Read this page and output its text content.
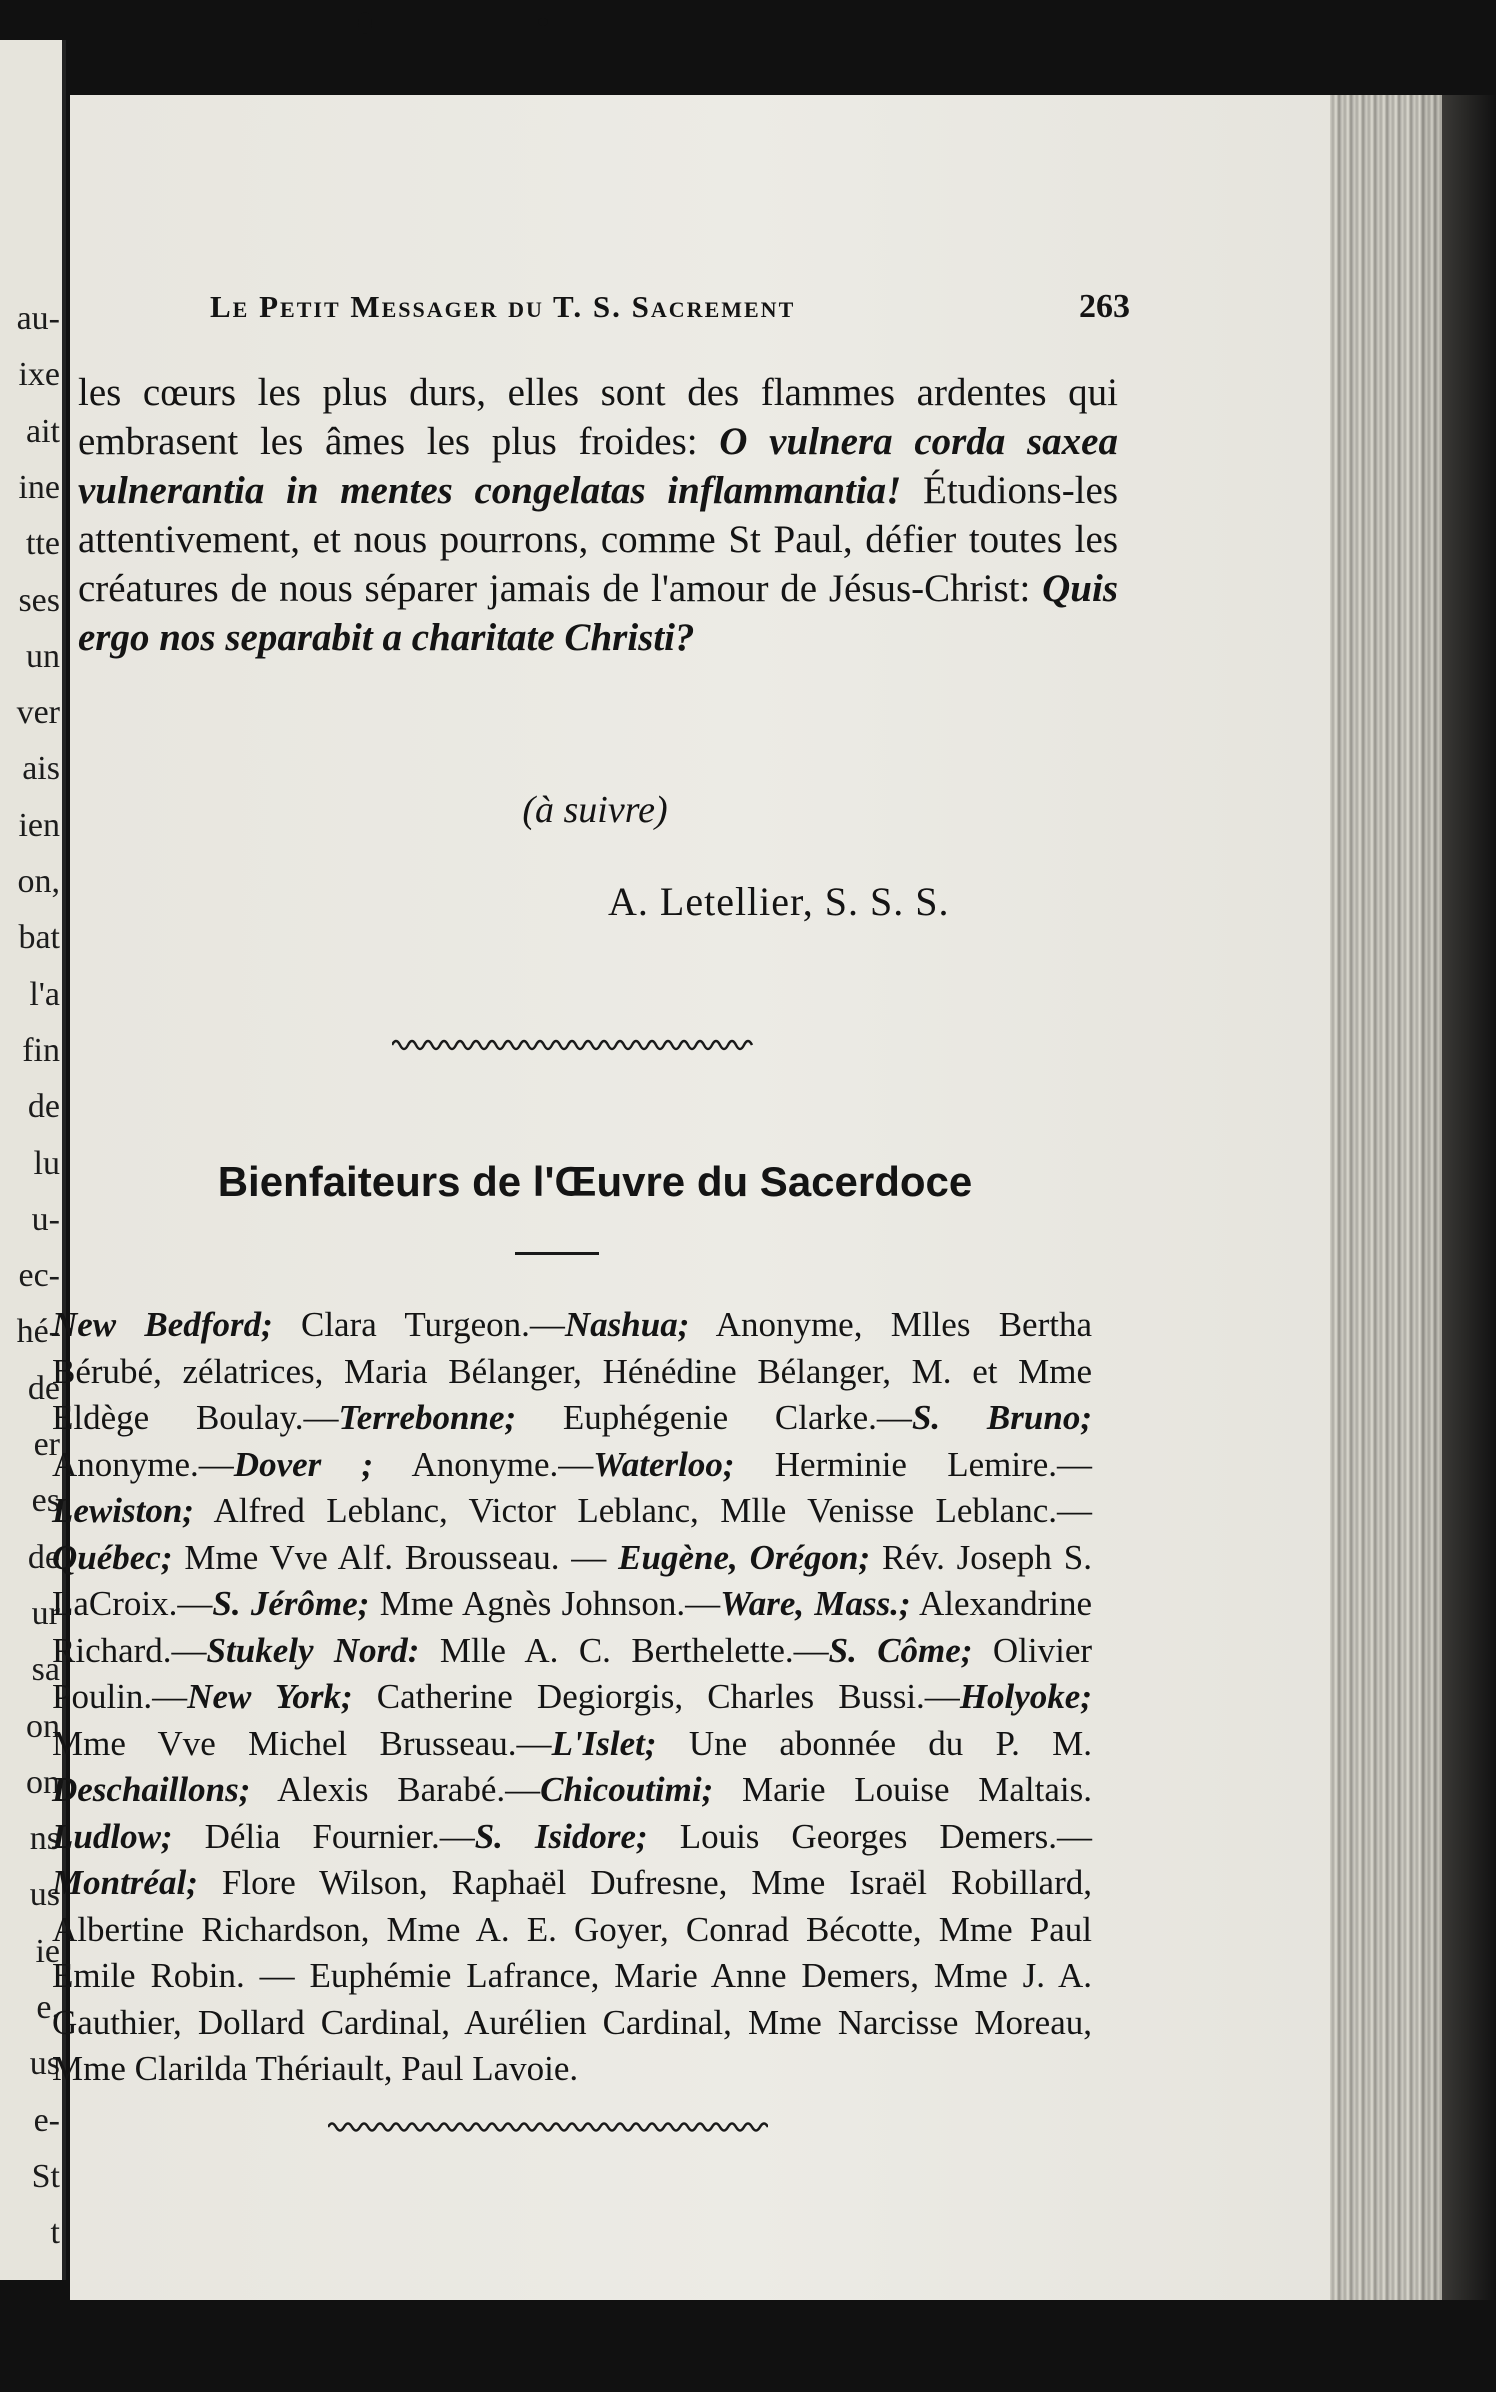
au-
ixe
ait
ine
tte
ses
un
ver
ais
ien
on,
bat
l'a
fin
de
lu
u-
ec-
hé-
de
er
es
de
ur
sa
on
on
ns
us
ie
e.
us
e-
St
t
Le Petit Messager du T. S. Sacrement	263

les cœurs les plus durs, elles sont des flammes ardentes qui embrasent les âmes les plus froides: O vulnera corda saxea vulnerantia in mentes congelatas inflammantia! Étudions-les attentivement, et nous pourrons, comme St Paul, défier toutes les créatures de nous séparer jamais de l'amour de Jésus-Christ: Quis ergo nos separabit a charitate Christi?

(à suivre)
A. Letellier, S. S. S.
Bienfaiteurs de l'Œuvre du Sacerdoce
New Bedford; Clara Turgeon.—Nashua; Anonyme, Mlles Bertha Bérubé, zélatrices, Maria Bélanger, Hénédine Bélanger, M. et Mme Eldège Boulay.—Terrebonne; Euphégenie Clarke.—S. Bruno; Anonyme.—Dover ; Anonyme.—Waterloo; Herminie Lemire.—Lewiston; Alfred Leblanc, Victor Leblanc, Mlle Venisse Leblanc.—Québec; Mme Vve Alf. Brousseau. — Eugène, Orégon; Rév. Joseph S. LaCroix.—S. Jérôme; Mme Agnès Johnson.—Ware, Mass.; Alexandrine Richard.—Stukely Nord: Mlle A. C. Berthelette.—S. Côme; Olivier Poulin.—New York; Catherine Degiorgis, Charles Bussi.—Holyoke; Mme Vve Michel Brusseau.—L'Islet; Une abonnée du P. M. Deschaillons; Alexis Barabé.—Chicoutimi; Marie Louise Maltais. Ludlow; Délia Fournier.—S. Isidore; Louis Georges Demers.—Montréal; Flore Wilson, Raphaël Dufresne, Mme Israël Robillard, Albertine Richardson, Mme A. E. Goyer, Conrad Bécotte, Mme Paul Emile Robin. — Euphémie Lafrance, Marie Anne Demers, Mme J. A. Gauthier, Dollard Cardinal, Aurélien Cardinal, Mme Narcisse Moreau, Mme Clarilda Thériault, Paul Lavoie.
